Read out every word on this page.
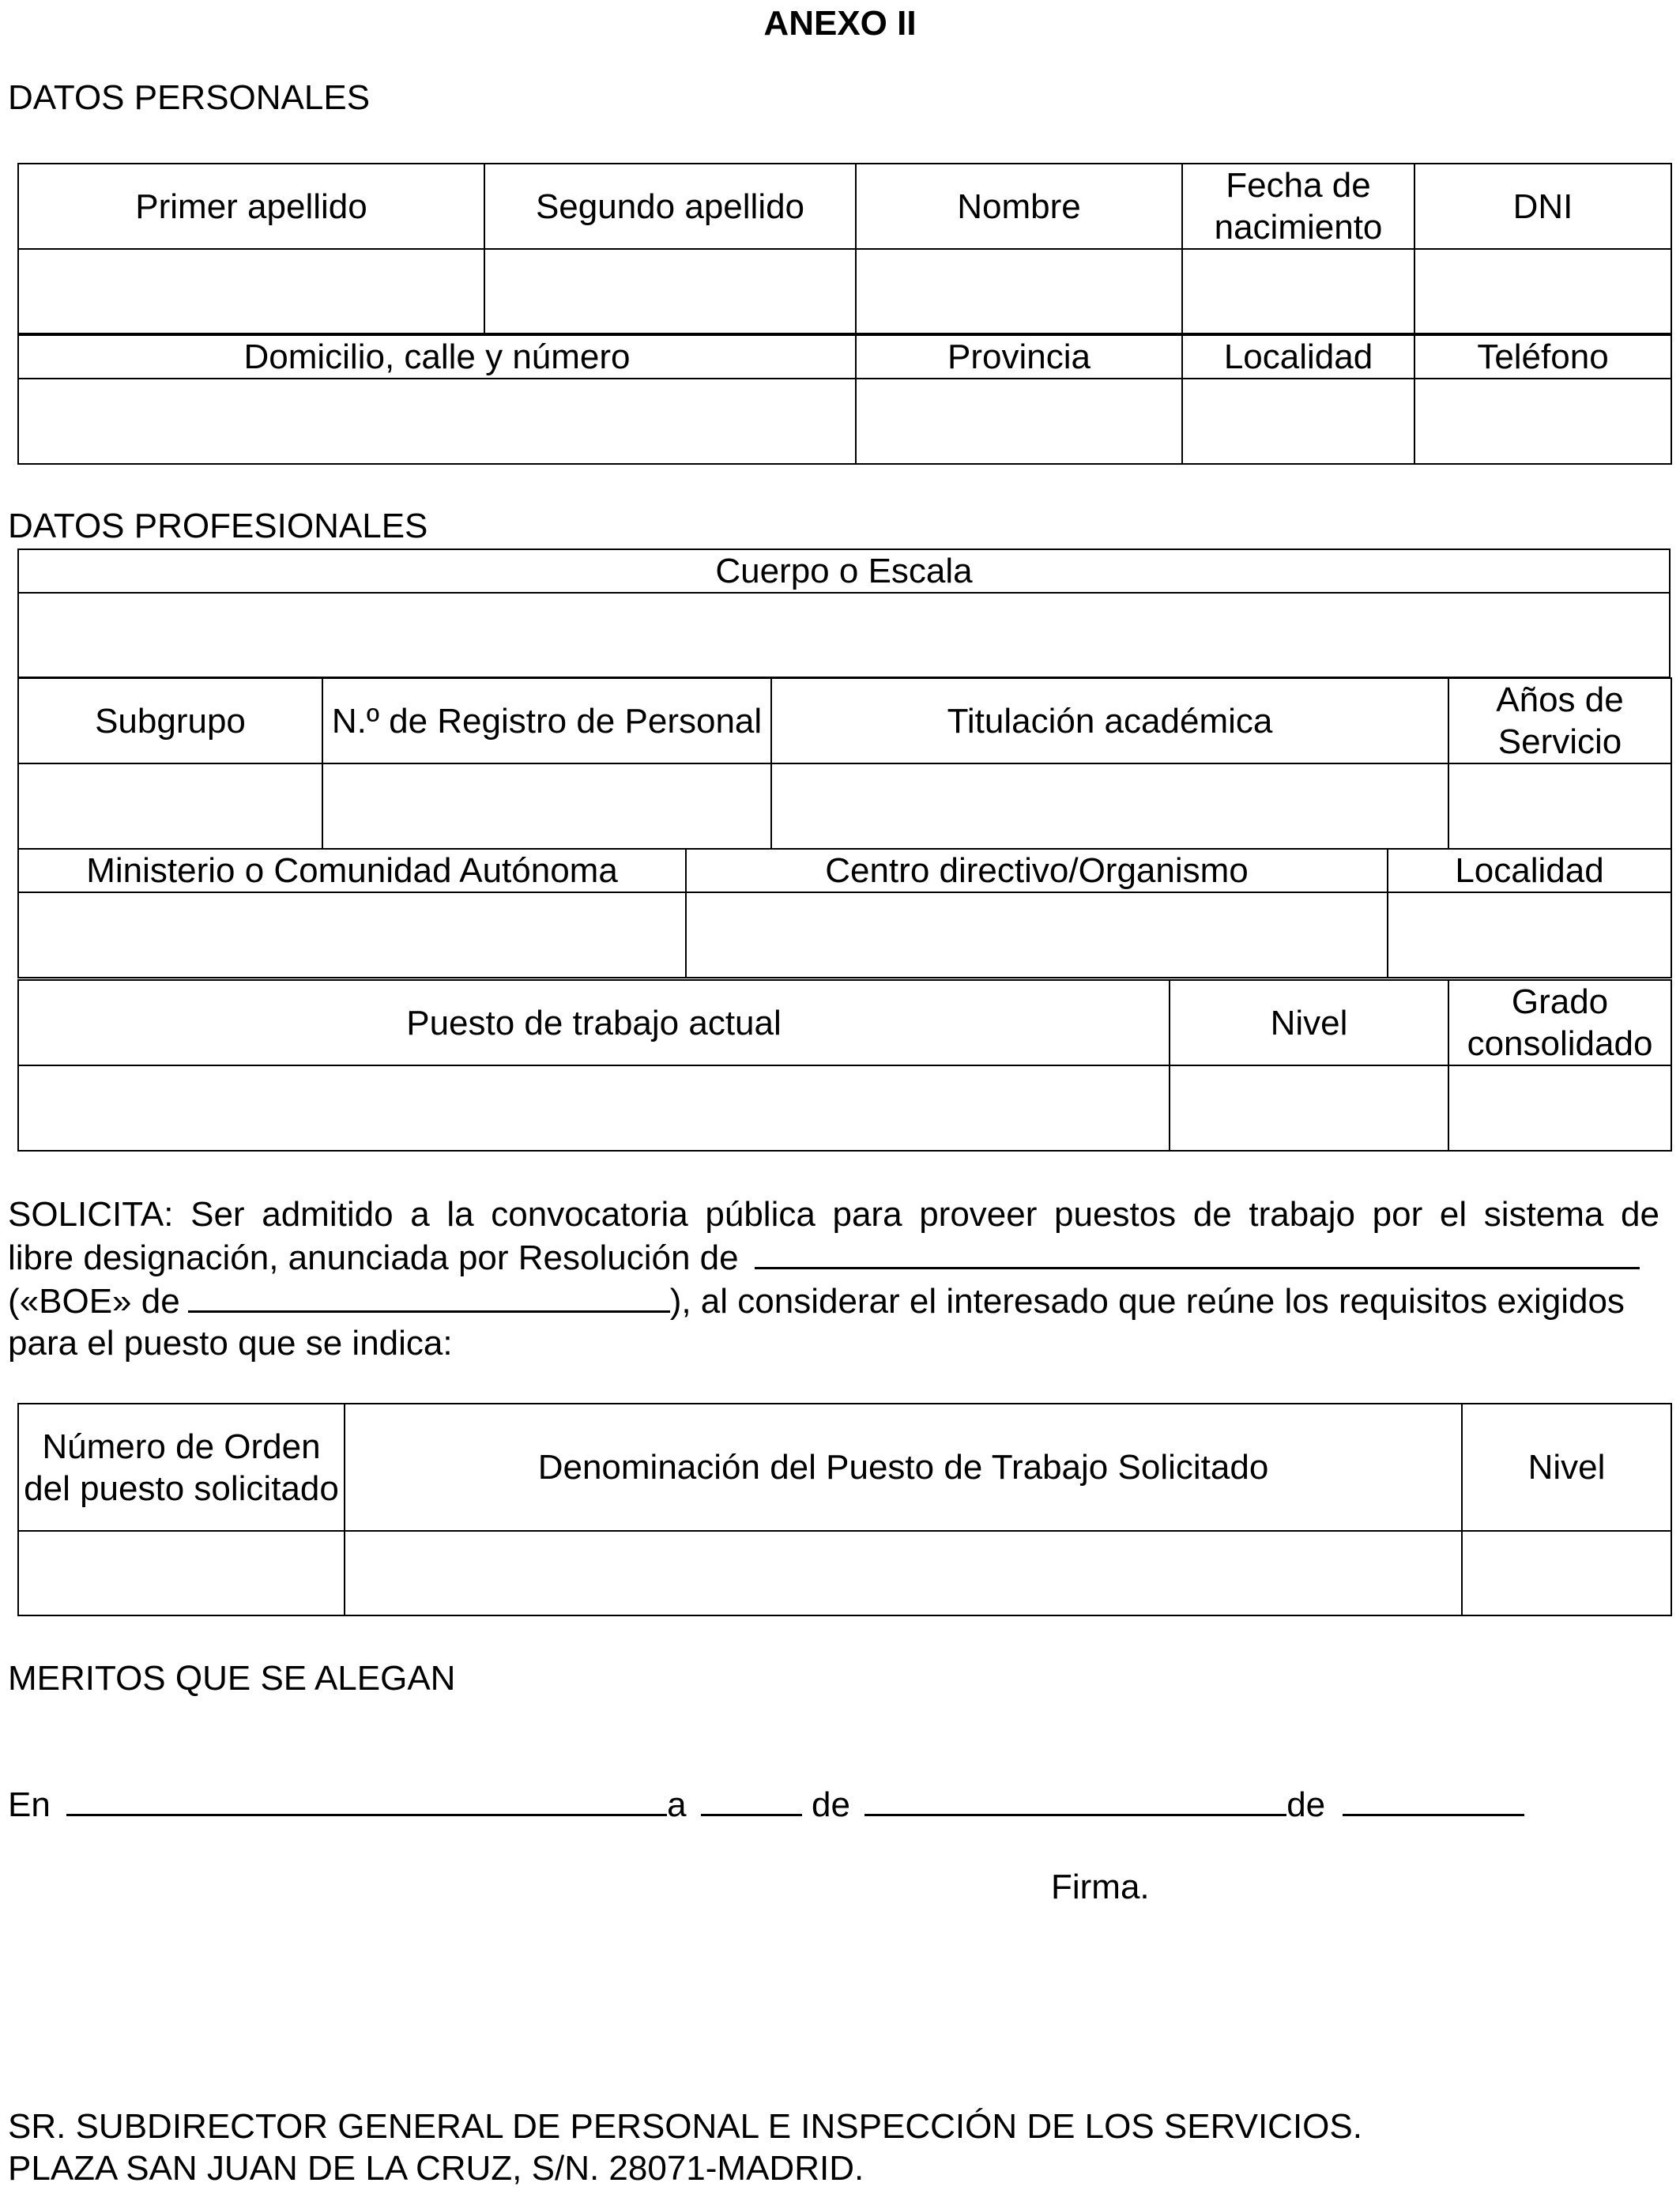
ANEXO II
DATOS PERSONALES
Primer apellido	Segundo apellido	Nombre	Fecha de nacimiento	DNI

Domicilio, calle y número	Provincia	Localidad	Teléfono

DATOS PROFESIONALES
Cuerpo o Escala

Subgrupo	N.º de Registro de Personal	Titulación académica	Años de Servicio

Ministerio o Comunidad Autónoma	Centro directivo/Organismo	Localidad

Puesto de trabajo actual	Nivel	Grado consolidado

SOLICITA: Ser admitido a la convocatoria pública para proveer puestos de trabajo por el sistema de
libre designación, anunciada por Resolución de
(«BOE» de	), al considerar el interesado que reúne los requisitos exigidos
para el puesto que se indica:
Número de Orden del puesto solicitado	Denominación del Puesto de Trabajo Solicitado	Nivel

MERITOS QUE SE ALEGAN
En	a	de	de
Firma.
SR. SUBDIRECTOR GENERAL DE PERSONAL E INSPECCIÓN DE LOS SERVICIOS.
PLAZA SAN JUAN DE LA CRUZ, S/N. 28071-MADRID.
